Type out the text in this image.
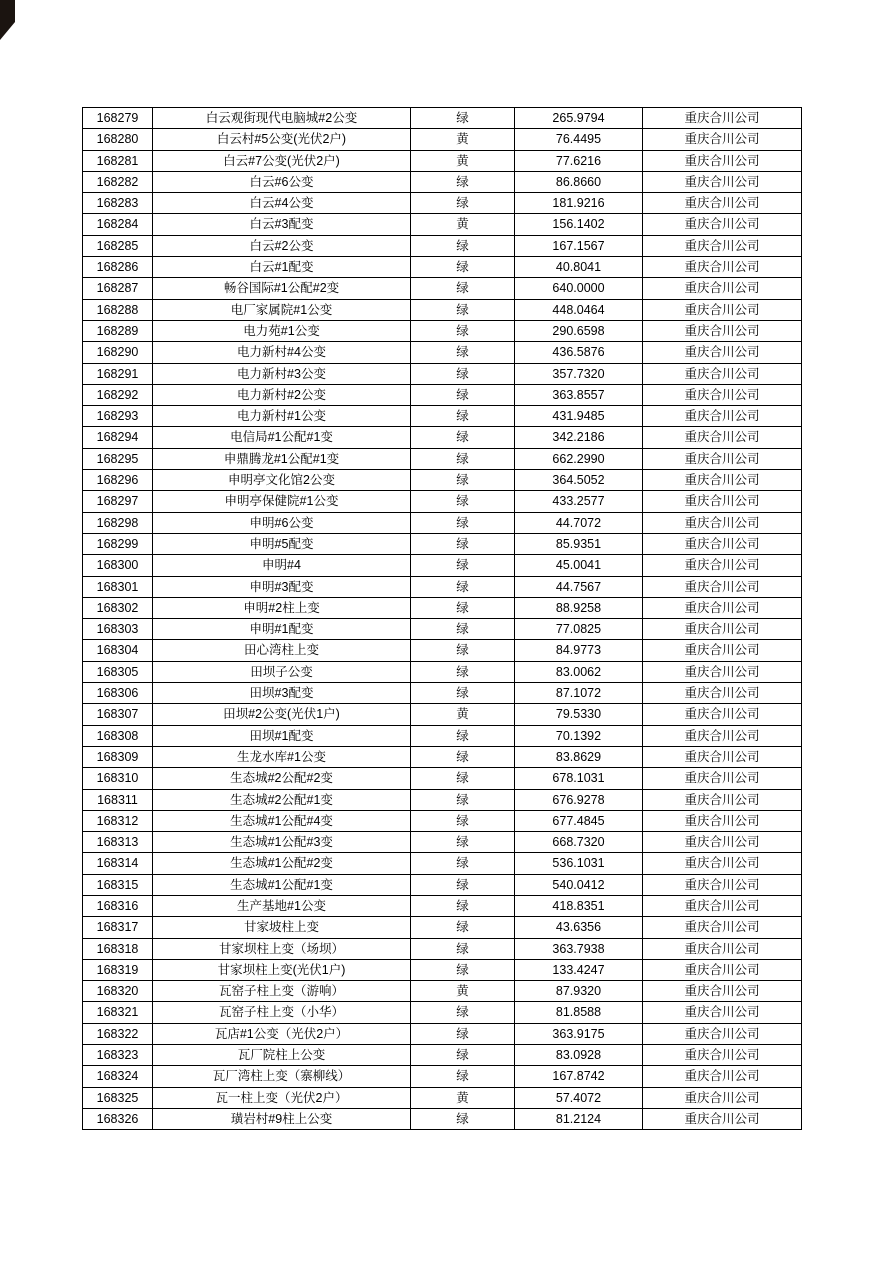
168279	白云观街现代电脑城#2公变	绿	265.9794	重庆合川公司
168280	白云村#5公变(光伏2户)	黄	76.4495	重庆合川公司
168281	白云#7公变(光伏2户)	黄	77.6216	重庆合川公司
168282	白云#6公变	绿	86.8660	重庆合川公司
168283	白云#4公变	绿	181.9216	重庆合川公司
168284	白云#3配变	黄	156.1402	重庆合川公司
168285	白云#2公变	绿	167.1567	重庆合川公司
168286	白云#1配变	绿	40.8041	重庆合川公司
168287	畅谷国际#1公配#2变	绿	640.0000	重庆合川公司
168288	电厂家属院#1公变	绿	448.0464	重庆合川公司
168289	电力苑#1公变	绿	290.6598	重庆合川公司
168290	电力新村#4公变	绿	436.5876	重庆合川公司
168291	电力新村#3公变	绿	357.7320	重庆合川公司
168292	电力新村#2公变	绿	363.8557	重庆合川公司
168293	电力新村#1公变	绿	431.9485	重庆合川公司
168294	电信局#1公配#1变	绿	342.2186	重庆合川公司
168295	申鼎腾龙#1公配#1变	绿	662.2990	重庆合川公司
168296	申明亭文化馆2公变	绿	364.5052	重庆合川公司
168297	申明亭保健院#1公变	绿	433.2577	重庆合川公司
168298	申明#6公变	绿	44.7072	重庆合川公司
168299	申明#5配变	绿	85.9351	重庆合川公司
168300	申明#4	绿	45.0041	重庆合川公司
168301	申明#3配变	绿	44.7567	重庆合川公司
168302	申明#2柱上变	绿	88.9258	重庆合川公司
168303	申明#1配变	绿	77.0825	重庆合川公司
168304	田心湾柱上变	绿	84.9773	重庆合川公司
168305	田坝子公变	绿	83.0062	重庆合川公司
168306	田坝#3配变	绿	87.1072	重庆合川公司
168307	田坝#2公变(光伏1户)	黄	79.5330	重庆合川公司
168308	田坝#1配变	绿	70.1392	重庆合川公司
168309	生龙水库#1公变	绿	83.8629	重庆合川公司
168310	生态城#2公配#2变	绿	678.1031	重庆合川公司
168311	生态城#2公配#1变	绿	676.9278	重庆合川公司
168312	生态城#1公配#4变	绿	677.4845	重庆合川公司
168313	生态城#1公配#3变	绿	668.7320	重庆合川公司
168314	生态城#1公配#2变	绿	536.1031	重庆合川公司
168315	生态城#1公配#1变	绿	540.0412	重庆合川公司
168316	生产基地#1公变	绿	418.8351	重庆合川公司
168317	甘家坡柱上变	绿	43.6356	重庆合川公司
168318	甘家坝柱上变（场坝）	绿	363.7938	重庆合川公司
168319	甘家坝柱上变(光伏1户)	绿	133.4247	重庆合川公司
168320	瓦窑子柱上变（游响）	黄	87.9320	重庆合川公司
168321	瓦窑子柱上变（小华）	绿	81.8588	重庆合川公司
168322	瓦店#1公变（光伏2户）	绿	363.9175	重庆合川公司
168323	瓦厂院柱上公变	绿	83.0928	重庆合川公司
168324	瓦厂湾柱上变（寨柳线）	绿	167.8742	重庆合川公司
168325	瓦一柱上变（光伏2户）	黄	57.4072	重庆合川公司
168326	璜岩村#9柱上公变	绿	81.2124	重庆合川公司
